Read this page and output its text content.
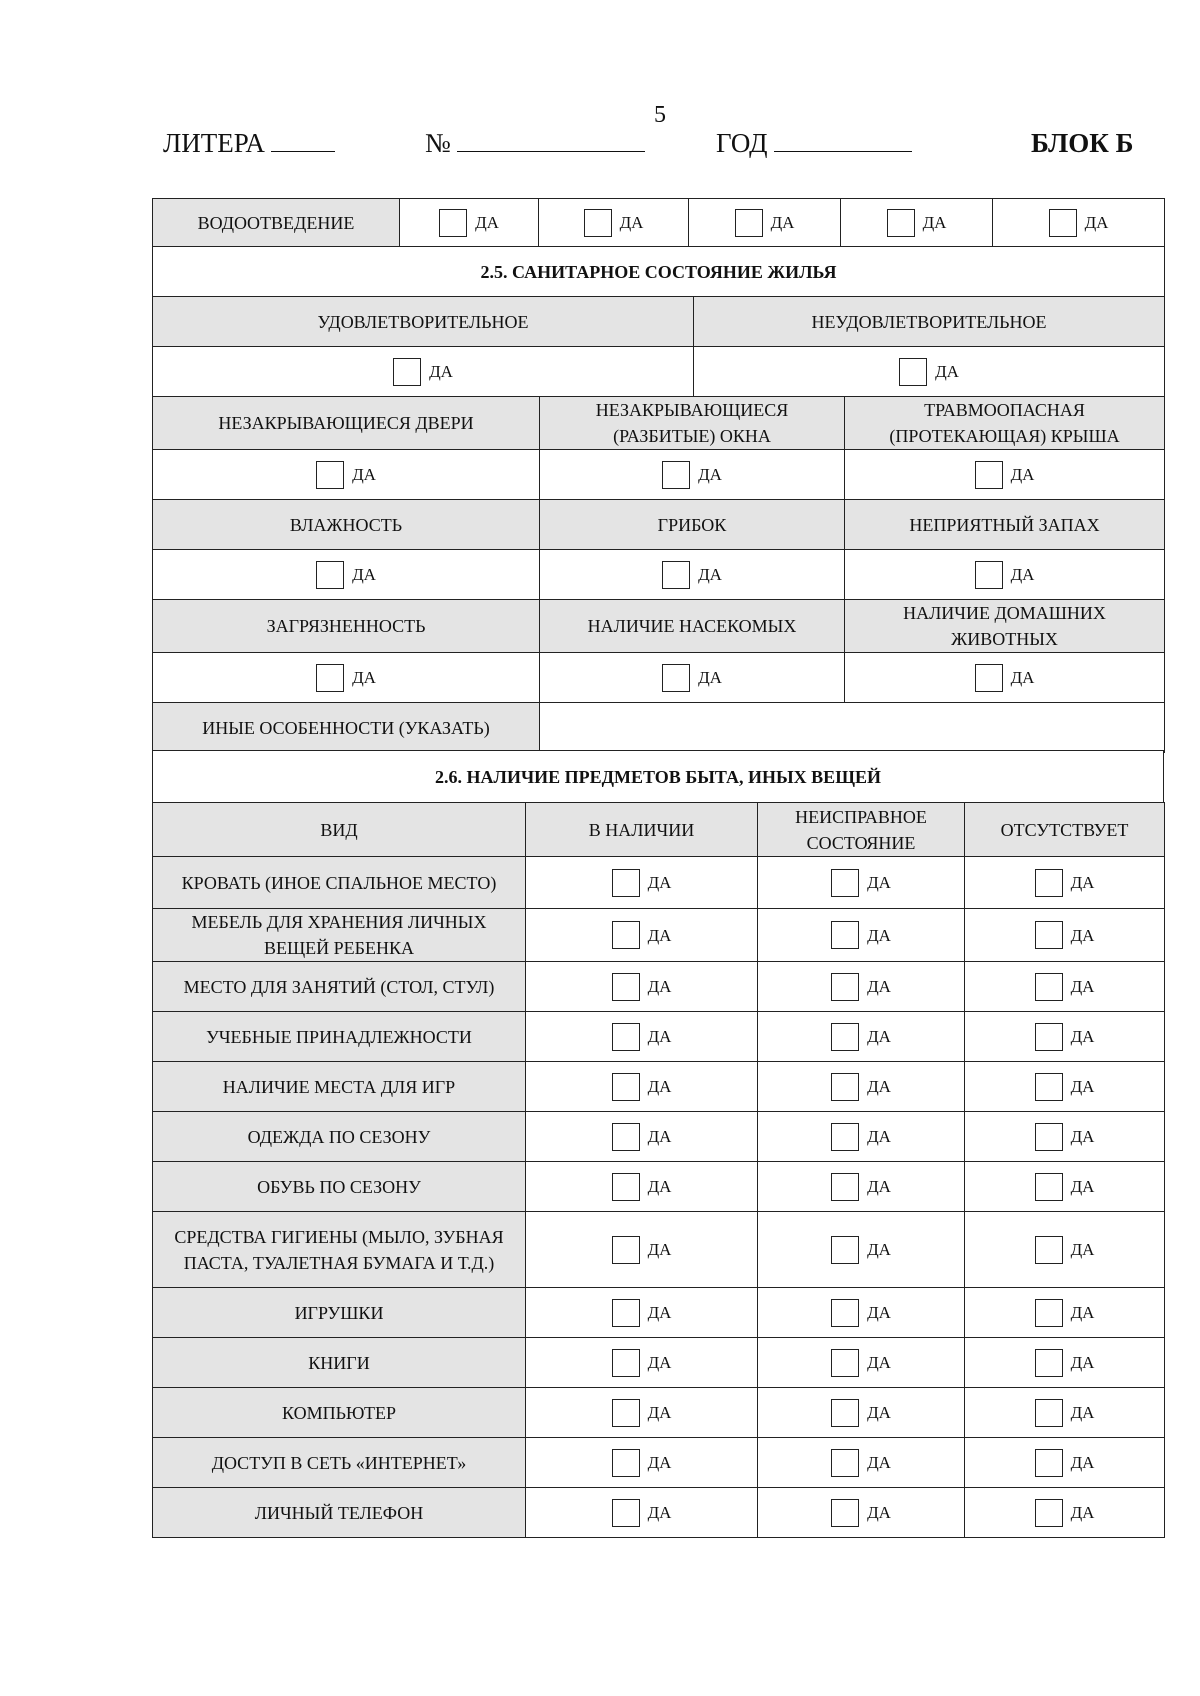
5
ЛИТЕРА	№	ГОД	БЛОК Б
ВОДООТВЕДЕНИЕ	ДА	ДА	ДА	ДА	ДА
2.5. САНИТАРНОЕ СОСТОЯНИЕ ЖИЛЬЯ
УДОВЛЕТВОРИТЕЛЬНОЕ	НЕУДОВЛЕТВОРИТЕЛЬНОЕ
ДА	ДА
НЕЗАКРЫВАЮЩИЕСЯ ДВЕРИ	НЕЗАКРЫВАЮЩИЕСЯ (РАЗБИТЫЕ) ОКНА	ТРАВМООПАСНАЯ (ПРОТЕКАЮЩАЯ) КРЫША
ДА	ДА	ДА
ВЛАЖНОСТЬ	ГРИБОК	НЕПРИЯТНЫЙ ЗАПАХ
ДА	ДА	ДА
ЗАГРЯЗНЕННОСТЬ	НАЛИЧИЕ НАСЕКОМЫХ	НАЛИЧИЕ ДОМАШНИХ ЖИВОТНЫХ
ДА	ДА	ДА
ИНЫЕ ОСОБЕННОСТИ (УКАЗАТЬ)		
2.6. НАЛИЧИЕ ПРЕДМЕТОВ БЫТА, ИНЫХ ВЕЩЕЙ
ВИД	В НАЛИЧИИ	НЕИСПРАВНОЕ СОСТОЯНИЕ	ОТСУТСТВУЕТ
КРОВАТЬ (ИНОЕ СПАЛЬНОЕ МЕСТО)	ДА	ДА	ДА
МЕБЕЛЬ ДЛЯ ХРАНЕНИЯ ЛИЧНЫХ ВЕЩЕЙ РЕБЕНКА	ДА	ДА	ДА
МЕСТО ДЛЯ ЗАНЯТИЙ (СТОЛ, СТУЛ)	ДА	ДА	ДА
УЧЕБНЫЕ ПРИНАДЛЕЖНОСТИ	ДА	ДА	ДА
НАЛИЧИЕ МЕСТА ДЛЯ ИГР	ДА	ДА	ДА
ОДЕЖДА ПО СЕЗОНУ	ДА	ДА	ДА
ОБУВЬ ПО СЕЗОНУ	ДА	ДА	ДА
СРЕДСТВА ГИГИЕНЫ (МЫЛО, ЗУБНАЯ ПАСТА, ТУАЛЕТНАЯ БУМАГА И Т.Д.)	ДА	ДА	ДА
ИГРУШКИ	ДА	ДА	ДА
КНИГИ	ДА	ДА	ДА
КОМПЬЮТЕР	ДА	ДА	ДА
ДОСТУП В СЕТЬ «ИНТЕРНЕТ»	ДА	ДА	ДА
ЛИЧНЫЙ ТЕЛЕФОН	ДА	ДА	ДА
